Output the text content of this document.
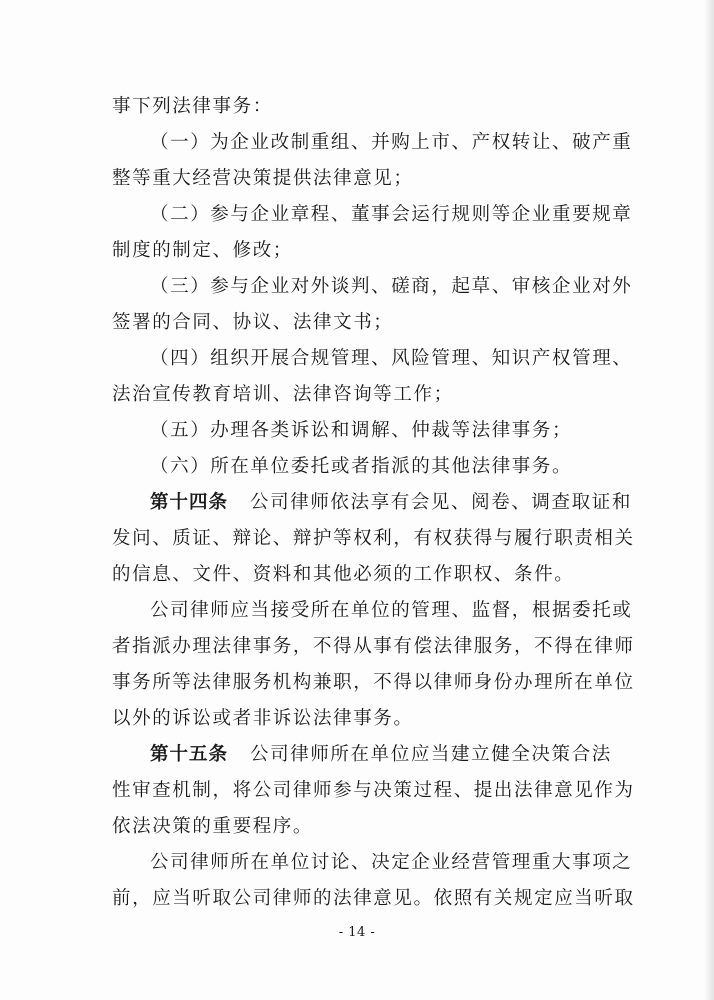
事下列法律事务：
（一）为企业改制重组、并购上市、产权转让、破产重
整等重大经营决策提供法律意见；
（二）参与企业章程、董事会运行规则等企业重要规章
制度的制定、修改；
（三）参与企业对外谈判、磋商，起草、审核企业对外
签署的合同、协议、法律文书；
（四）组织开展合规管理、风险管理、知识产权管理、
法治宣传教育培训、法律咨询等工作；
（五）办理各类诉讼和调解、仲裁等法律事务；
（六）所在单位委托或者指派的其他法律事务。
第十四条 公司律师依法享有会见、阅卷、调查取证和
发问、质证、辩论、辩护等权利，有权获得与履行职责相关
的信息、文件、资料和其他必须的工作职权、条件。
公司律师应当接受所在单位的管理、监督，根据委托或
者指派办理法律事务，不得从事有偿法律服务，不得在律师
事务所等法律服务机构兼职，不得以律师身份办理所在单位
以外的诉讼或者非诉讼法律事务。
第十五条 公司律师所在单位应当建立健全决策合法
性审查机制，将公司律师参与决策过程、提出法律意见作为
依法决策的重要程序。
公司律师所在单位讨论、决定企业经营管理重大事项之
前，应当听取公司律师的法律意见。依照有关规定应当听取
- 14 -
